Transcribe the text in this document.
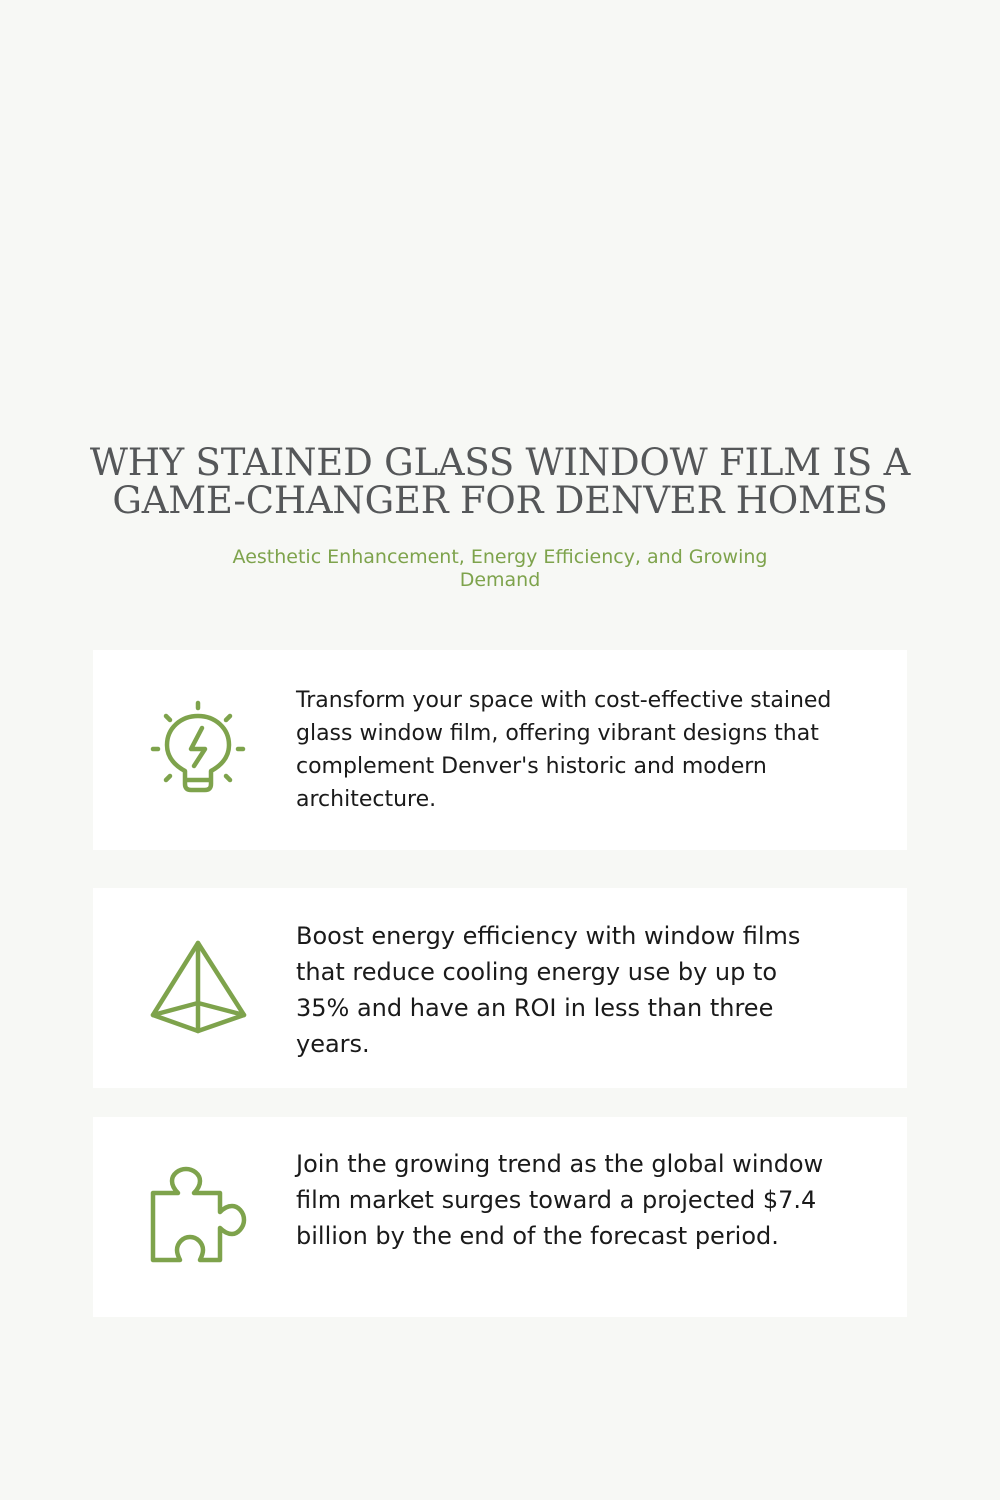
WHY STAINED GLASS WINDOW FILM IS A GAME-CHANGER FOR DENVER HOMES

Aesthetic Enhancement, Energy Efficiency, and Growing Demand

Transform your space with cost-effective stained glass window film, offering vibrant designs that complement Denver's historic and modern architecture.

Boost energy efficiency with window films that reduce cooling energy use by up to 35% and have an ROI in less than three years.

Join the growing trend as the global window film market surges toward a projected $7.4 billion by the end of the forecast period.
